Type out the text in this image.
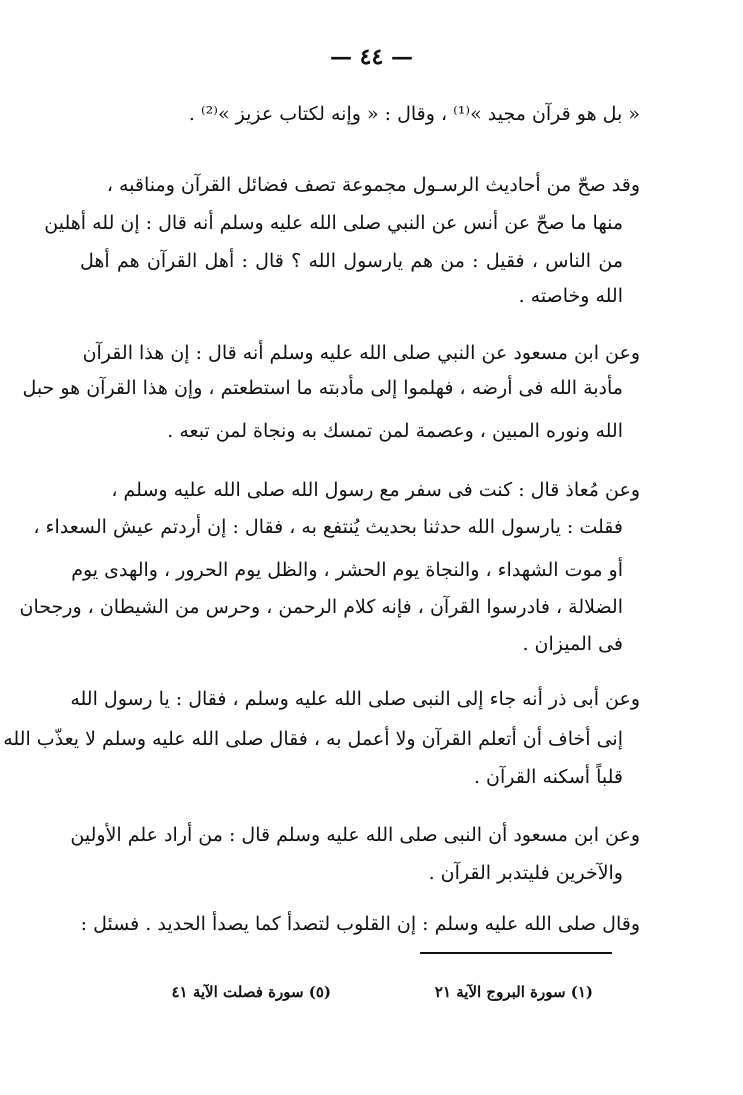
— ٤٤ —
« بل هو قرآن مجيد »⁽¹⁾ ، وقال : « وإنه لكتاب عزيز »⁽²⁾ .
وقد صحّ من أحاديث الرسـول مجموعة تصف فضائل القرآن ومناقبه ،
منها ما صحّ عن أنس عن النبي صلى الله عليه وسلم أنه قال : إن لله أهلين
من الناس ، فقيل : من هم يارسول الله ؟ قال : أهل القرآن هم أهل
الله وخاصته .
وعن ابن مسعود عن النبي صلى الله عليه وسلم أنه قال : إن هذا القرآن
مأدبة الله فى أرضه ، فهلموا إلى مأدبته ما استطعتم ، وإن هذا القرآن هو حبل
الله ونوره المبين ، وعصمة لمن تمسك به ونجاة لمن تبعه .
وعن مُعاذ قال : كنت فى سفر مع رسول الله صلى الله عليه وسلم ،
فقلت : يارسول الله حدثنا بحديث يُنتفع به ، فقال : إن أردتم عيش السعداء ،
أو موت الشهداء ، والنجاة يوم الحشر ، والظل يوم الحرور ، والهدى يوم
الضلالة ، فادرسوا القرآن ، فإنه كلام الرحمن ، وحرس من الشيطان ، ورجحان
فى الميزان .
وعن أبى ذر أنه جاء إلى النبى صلى الله عليه وسلم ، فقال : يا رسول الله
إنى أخاف أن أتعلم القرآن ولا أعمل به ، فقال صلى الله عليه وسلم لا يعذّب الله
قلباً أسكنه القرآن .
وعن ابن مسعود أن النبى صلى الله عليه وسلم قال : من أراد علم الأولين
والآخرين فليتدبر القرآن .
وقال صلى الله عليه وسلم : إن القلوب لتصدأ كما يصدأ الحديد . فسئل :
(١) سورة البروج الآية ٢١
(٥) سورة فصلت الآية ٤١
